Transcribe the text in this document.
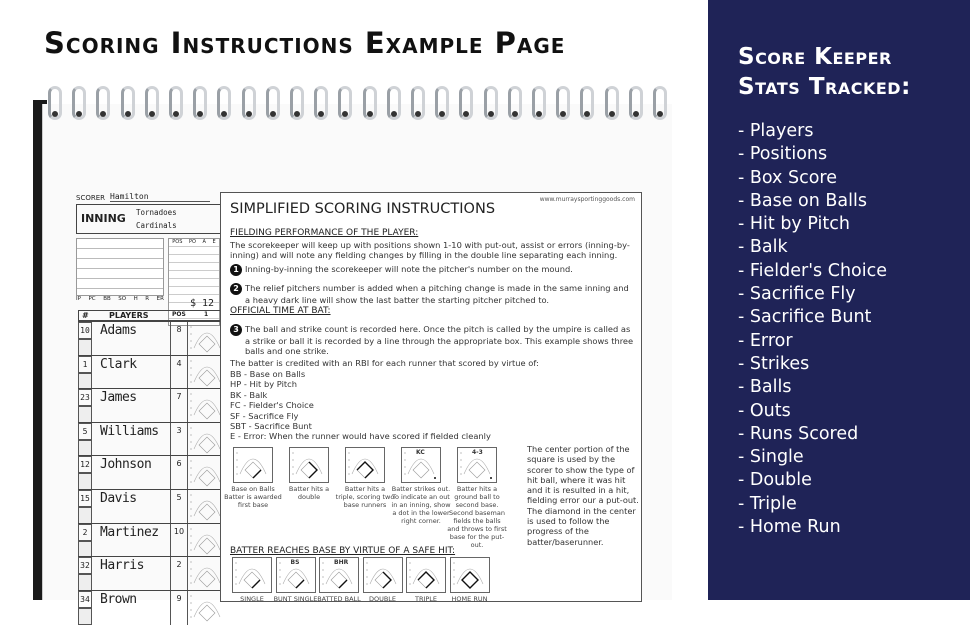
Scoring Instructions Example Page
SCORER Hamilton
INNING Tornadoes
Cardinals
IP PC BB SO H R ER
POS PO A E
$ 12
#	PLAYERS	POS	1
10 Adams	8
1 Clark	4
23 James	7
5 Williams	3
12 Johnson	6
15 Davis	5
2 Martinez	10
32 Harris	2
34 Brown	9
www.murraysportinggoods.com
SIMPLIFIED SCORING INSTRUCTIONS
FIELDING PERFORMANCE OF THE PLAYER:
The scorekeeper will keep up with positions shown 1-10 with put-out, assist or errors (inning-by-inning) and will note any fielding changes by filling in the double line separating each inning.
1 Inning-by-inning the scorekeeper will note the pitcher's number on the mound.
2 The relief pitchers number is added when a pitching change is made in the same inning and a heavy dark line will show the last batter the starting pitcher pitched to.
OFFICIAL TIME AT BAT:
3 The ball and strike count is recorded here. Once the pitch is called by the umpire is called as a strike or ball it is recorded by a line through the appropriate box. This example shows three balls and one strike.
The batter is credited with an RBI for each runner that scored by virtue of:
BB - Base on Balls
HP - Hit by Pitch
BK - Balk
FC - Fielder's Choice
SF - Sacrifice Fly
SBT - Sacrifice Bunt
E - Error: When the runner would have scored if fielded cleanly
The center portion of the square is used by the scorer to show the type of hit ball, where it was hit and it is resulted in a hit, fielding error our a put-out. The diamond in the center is used to follow the progress of the batter/baserunner.
BATTER REACHES BASE BY VIRTUE OF A SAFE HIT:
Base on Balls Batter is awarded first base
Batter hits a double
Batter hits a triple, scoring two base runners
KC
Batter strikes out. To indicate an out in an inning, show a dot in the lower right corner.
4-3
Batter hits a ground ball to second base. Second baseman fields the balls and throws to first base for the put-out.
SINGLE
BS
BUNT SINGLE
BHR
BATTED BALL	DOUBLE	TRIPLE	HOME RUN
Score Keeper
Stats Tracked:
- Players
- Positions
- Box Score
- Base on Balls
- Hit by Pitch
- Balk
- Fielder's Choice
- Sacrifice Fly
- Sacrifice Bunt
- Error
- Strikes
- Balls
- Outs
- Runs Scored
- Single
- Double
- Triple
- Home Run
